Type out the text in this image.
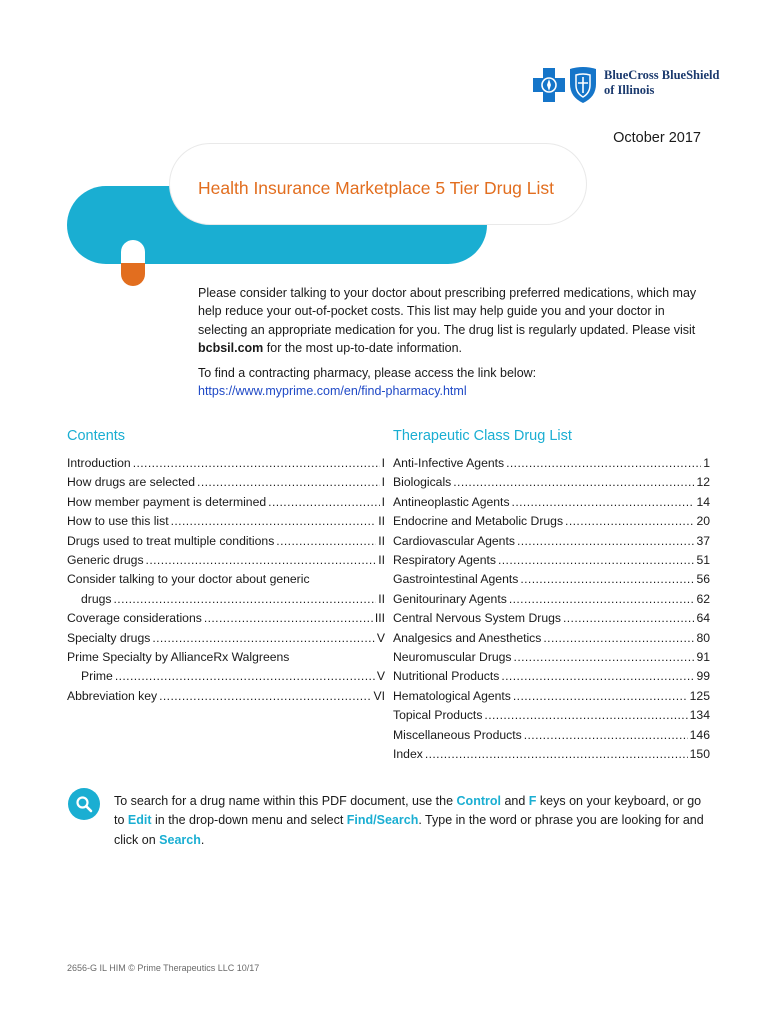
BlueCross BlueShield
of Illinois
October 2017
Health Insurance Marketplace 5 Tier Drug List

Please consider talking to your doctor about prescribing preferred medications, which may help reduce your out-of-pocket costs. This list may help guide you and your doctor in selecting an appropriate medication for you. The drug list is regularly updated. Please visit bcbsil.com for the most up-to-date information.

To find a contracting pharmacy, please access the link below:
https://www.myprime.com/en/find-pharmacy.html

Contents
Introduction .....	I
How drugs are selected .....	I
How member payment is determined .....	I
How to use this list .....	II
Drugs used to treat multiple conditions .....	II
Generic drugs .....	II
Consider talking to your doctor about generic
drugs .....	II
Coverage considerations .....	III
Specialty drugs .....	V
Prime Specialty by AllianceRx Walgreens
Prime .....	V
Abbreviation key .....	VI
Therapeutic Class Drug List
Anti-Infective Agents .....	1
Biologicals .....	12
Antineoplastic Agents .....	14
Endocrine and Metabolic Drugs .....	20
Cardiovascular Agents .....	37
Respiratory Agents .....	51
Gastrointestinal Agents .....	56
Genitourinary Agents .....	62
Central Nervous System Drugs .....	64
Analgesics and Anesthetics .....	80
Neuromuscular Drugs .....	91
Nutritional Products .....	99
Hematological Agents .....	125
Topical Products .....	134
Miscellaneous Products .....	146
Index .....	150
To search for a drug name within this PDF document, use the Control and F keys on your keyboard, or go to Edit in the drop-down menu and select Find/Search. Type in the word or phrase you are looking for and click on Search.
2656-G IL HIM © Prime Therapeutics LLC 10/17
